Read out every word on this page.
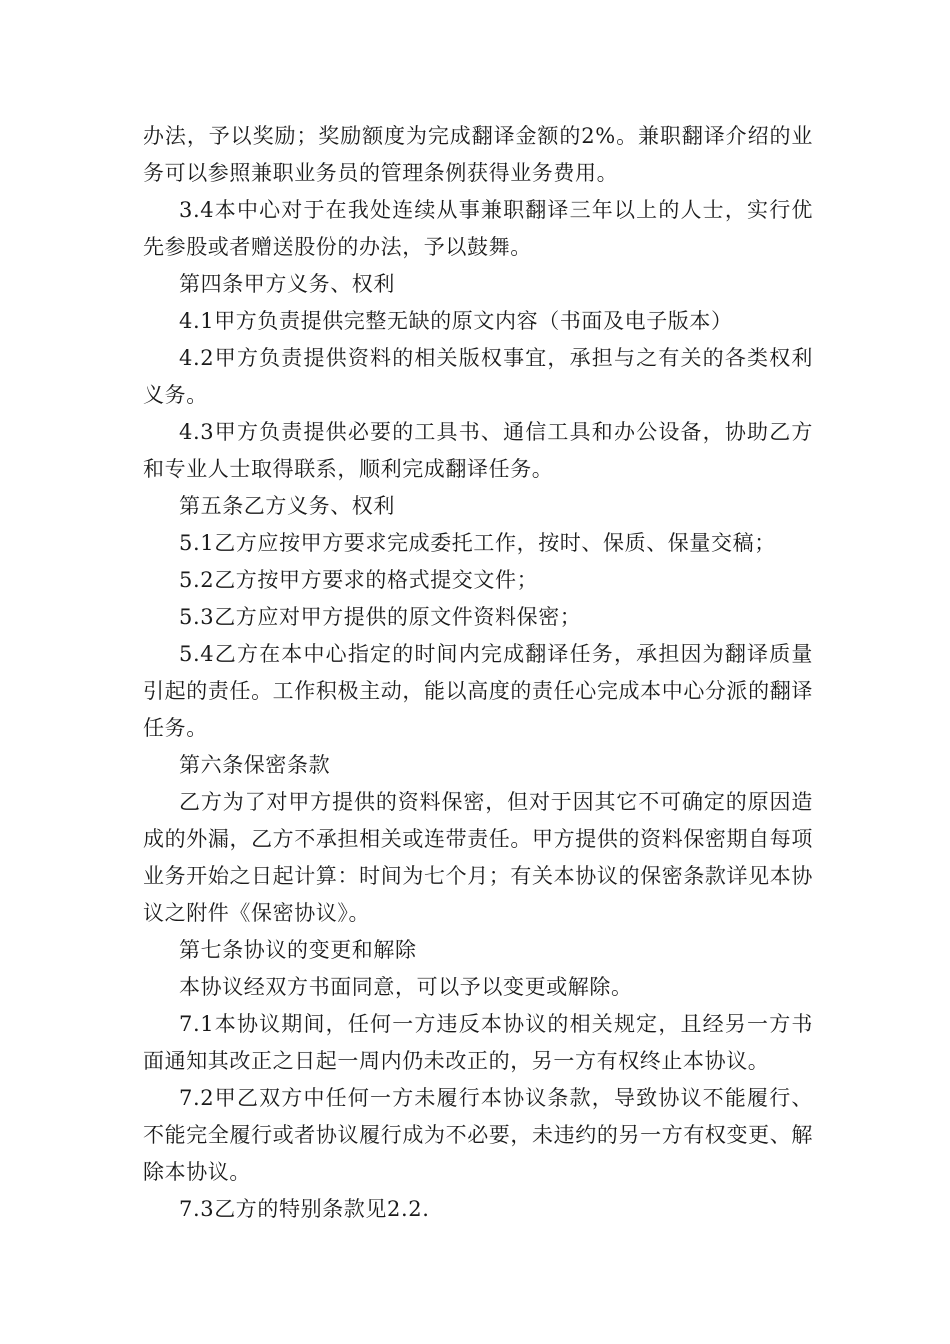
办法，予以奖励；奖励额度为完成翻译金额的2%。兼职翻译介绍的业务可以参照兼职业务员的管理条例获得业务费用。

3.4本中心对于在我处连续从事兼职翻译三年以上的人士，实行优先参股或者赠送股份的办法，予以鼓舞。

第四条甲方义务、权利

4.1甲方负责提供完整无缺的原文内容（书面及电子版本）

4.2甲方负责提供资料的相关版权事宜，承担与之有关的各类权利义务。

4.3甲方负责提供必要的工具书、通信工具和办公设备，协助乙方和专业人士取得联系，顺利完成翻译任务。

第五条乙方义务、权利

5.1乙方应按甲方要求完成委托工作，按时、保质、保量交稿；

5.2乙方按甲方要求的格式提交文件；

5.3乙方应对甲方提供的原文件资料保密；

5.4乙方在本中心指定的时间内完成翻译任务，承担因为翻译质量引起的责任。工作积极主动，能以高度的责任心完成本中心分派的翻译任务。

第六条保密条款

乙方为了对甲方提供的资料保密，但对于因其它不可确定的原因造成的外漏，乙方不承担相关或连带责任。甲方提供的资料保密期自每项业务开始之日起计算：时间为七个月；有关本协议的保密条款详见本协议之附件《保密协议》。

第七条协议的变更和解除

本协议经双方书面同意，可以予以变更或解除。

7.1本协议期间，任何一方违反本协议的相关规定，且经另一方书面通知其改正之日起一周内仍未改正的，另一方有权终止本协议。

7.2甲乙双方中任何一方未履行本协议条款，导致协议不能履行、不能完全履行或者协议履行成为不必要，未违约的另一方有权变更、解除本协议。

7.3乙方的特别条款见2.2.
